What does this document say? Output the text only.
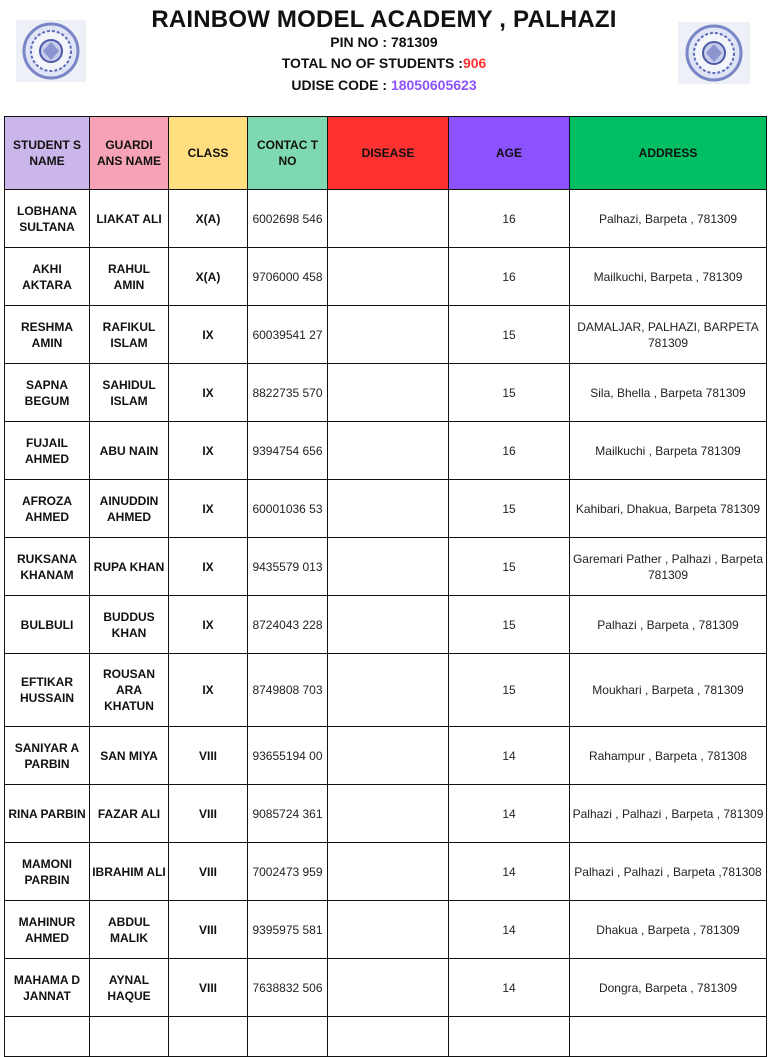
RAINBOW MODEL ACADEMY , PALHAZI
PIN NO : 781309
TOTAL NO OF STUDENTS :906
UDISE CODE : 18050605623
STUDENT S NAME	GUARDI ANS NAME	CLASS	CONTAC T NO	DISEASE	AGE	ADDRESS
LOBHANA SULTANA	LIAKAT ALI	X(A)	6002698 546		16	Palhazi, Barpeta , 781309
AKHI AKTARA	RAHUL AMIN	X(A)	9706000 458		16	Mailkuchi, Barpeta , 781309
RESHMA AMIN	RAFIKUL ISLAM	IX	60039541 27		15	DAMALJAR, PALHAZI, BARPETA 781309
SAPNA BEGUM	SAHIDUL ISLAM	IX	8822735 570		15	Sila, Bhella , Barpeta 781309
FUJAIL AHMED	ABU NAIN	IX	9394754 656		16	Mailkuchi , Barpeta 781309
AFROZA AHMED	AINUDDIN AHMED	IX	60001036 53		15	Kahibari, Dhakua, Barpeta 781309
RUKSANA KHANAM	RUPA KHAN	IX	9435579 013		15	Garemari Pather , Palhazi , Barpeta 781309
BULBULI	BUDDUS KHAN	IX	8724043 228		15	Palhazi , Barpeta , 781309
EFTIKAR HUSSAIN	ROUSAN ARA KHATUN	IX	8749808 703		15	Moukhari , Barpeta , 781309
SANIYAR A PARBIN	SAN MIYA	VIII	93655194 00		14	Rahampur , Barpeta , 781308
RINA PARBIN	FAZAR ALI	VIII	9085724 361		14	Palhazi , Palhazi , Barpeta , 781309
MAMONI PARBIN	IBRAHIM ALI	VIII	7002473 959		14	Palhazi , Palhazi , Barpeta ,781308
MAHINUR AHMED	ABDUL MALIK	VIII	9395975 581		14	Dhakua , Barpeta , 781309
MAHAMA D JANNAT	AYNAL HAQUE	VIII	7638832 506		14	Dongra, Barpeta , 781309
